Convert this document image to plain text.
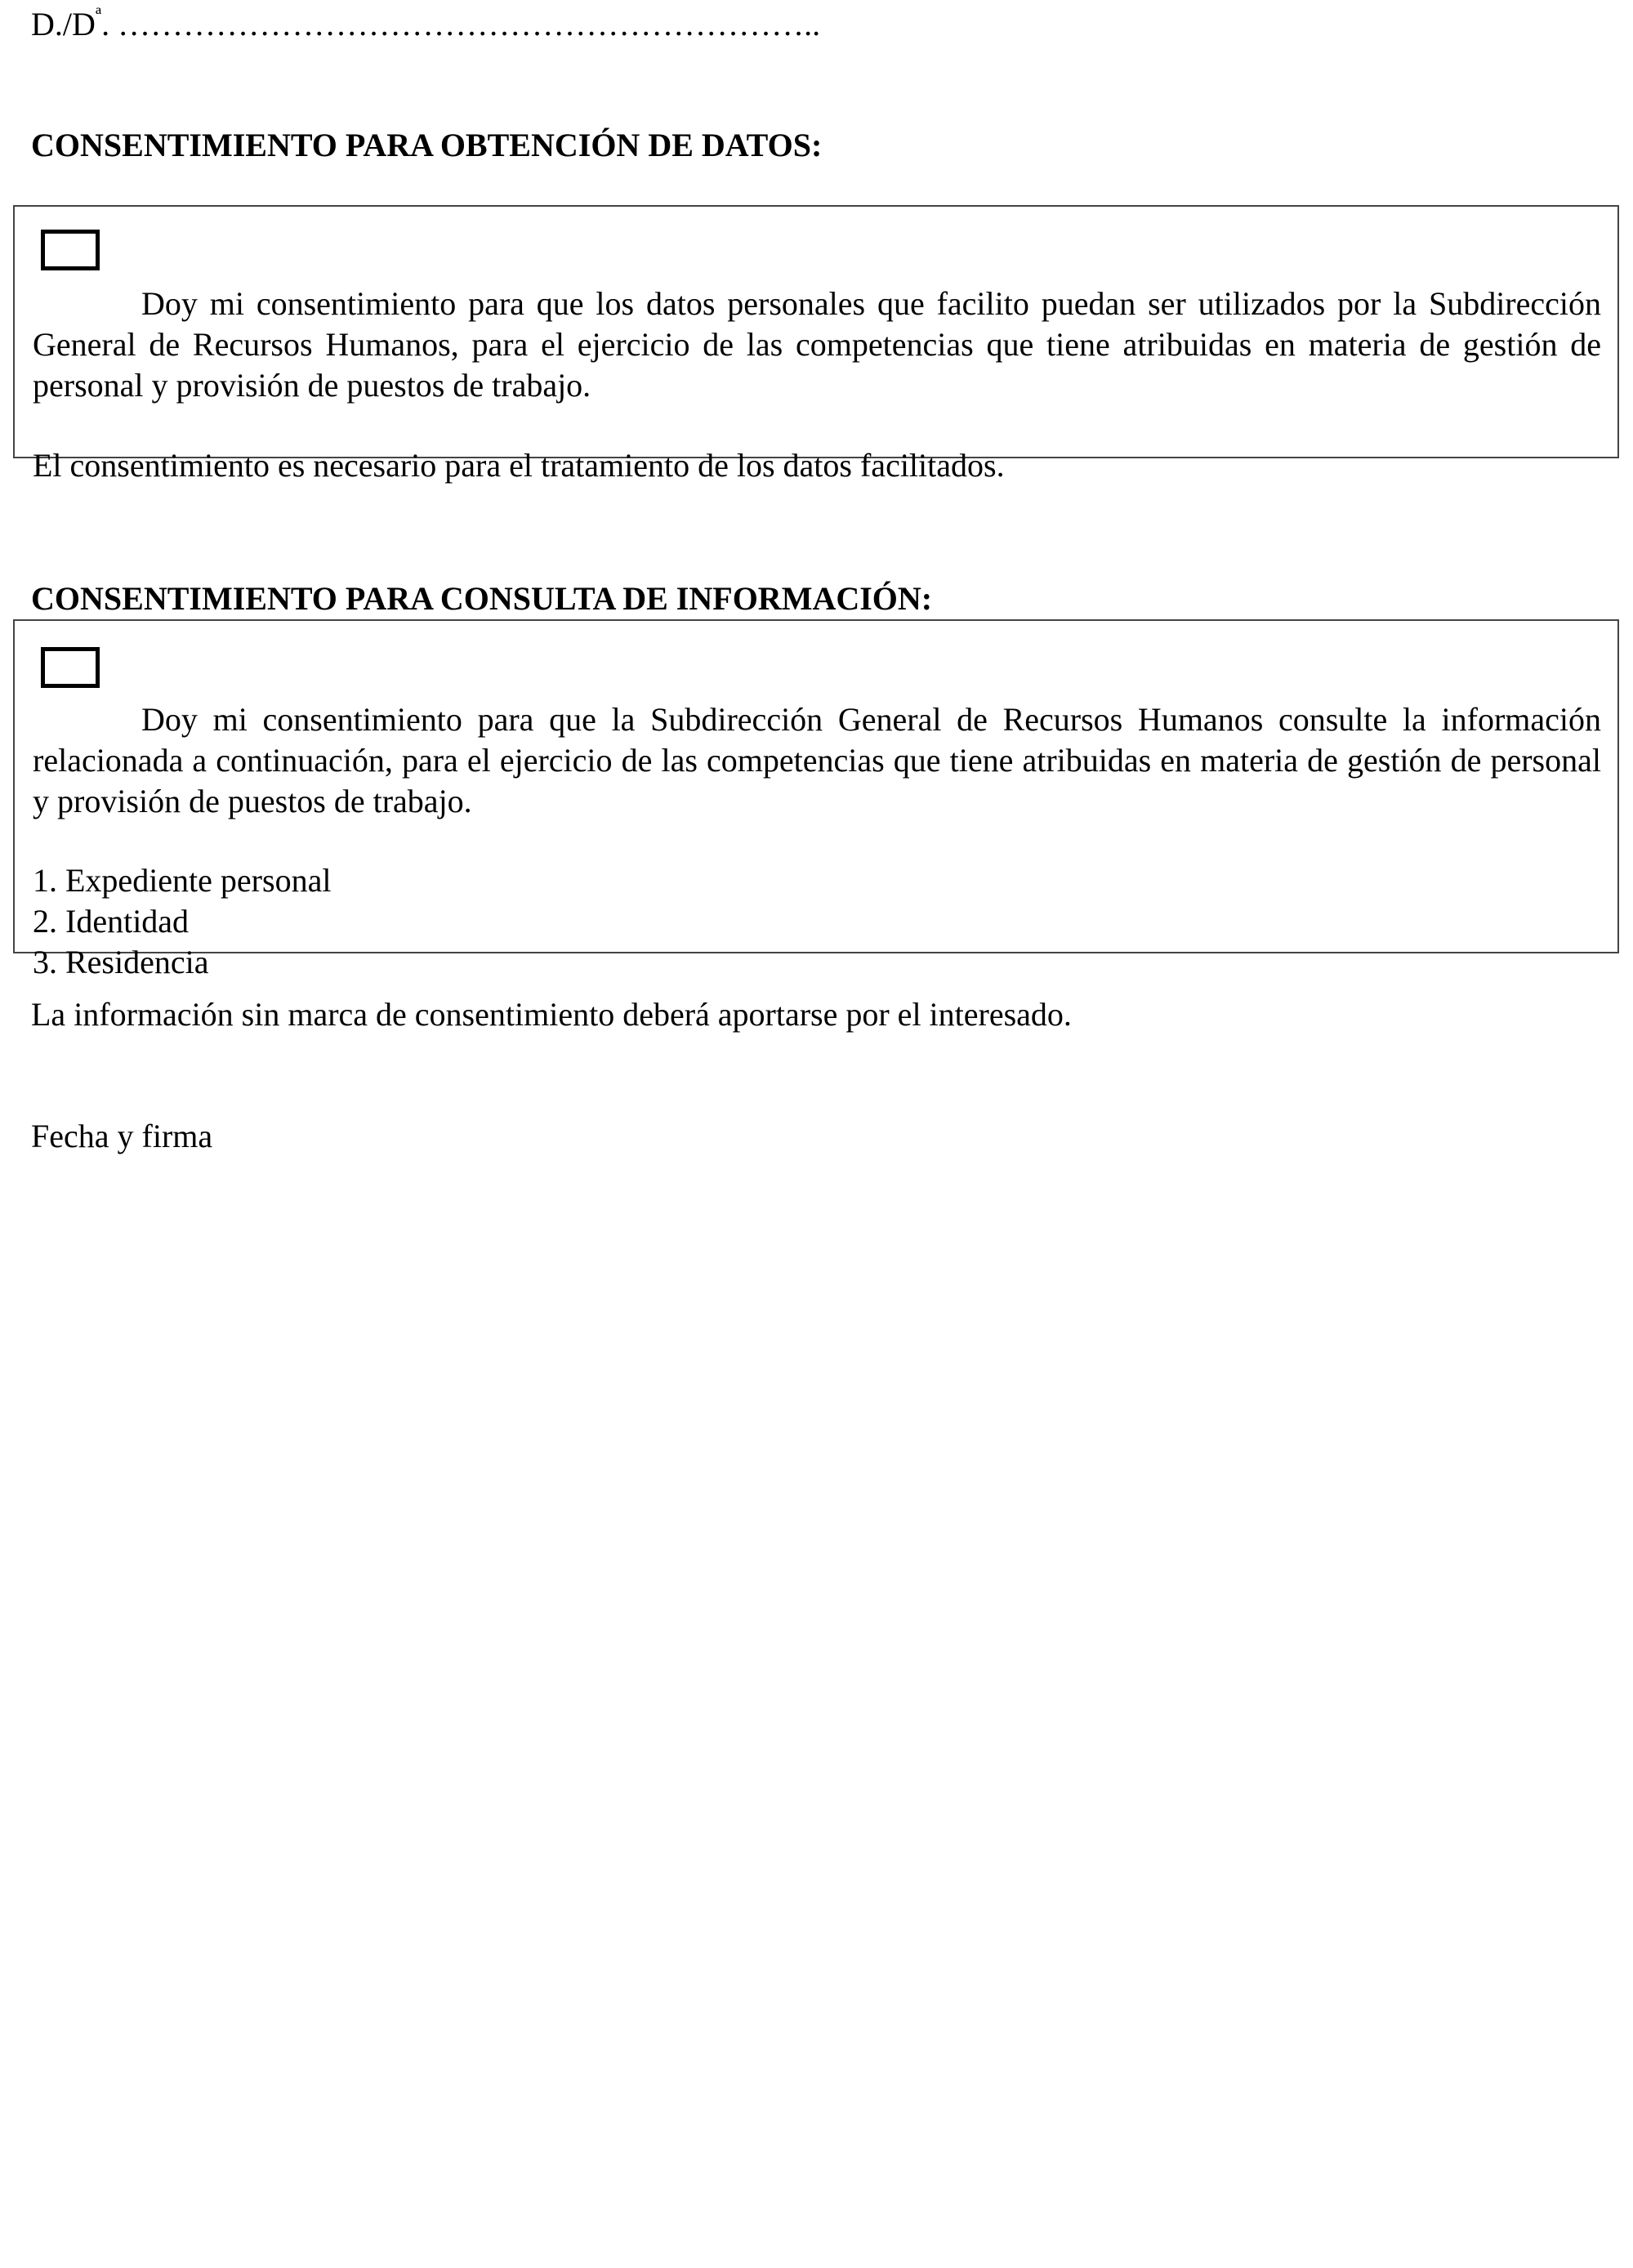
$D./D^ª$. ………………………………………………………..

CONSENTIMIENTO PARA OBTENCIÓN DE DATOS:

Doy mi consentimiento para que los datos personales que facilito puedan ser utilizados por la Subdirección General de Recursos Humanos, para el ejercicio de las competencias que tiene atribuidas en materia de gestión de personal y provisión de puestos de trabajo.

El consentimiento es necesario para el tratamiento de los datos facilitados.

CONSENTIMIENTO PARA CONSULTA DE INFORMACIÓN:

Doy mi consentimiento para que la Subdirección General de Recursos Humanos consulte la información relacionada a continuación, para el ejercicio de las competencias que tiene atribuidas en materia de gestión de personal y provisión de puestos de trabajo.

1. Expediente personal

2. Identidad

3. Residencia

La información sin marca de consentimiento deberá aportarse por el interesado.

Fecha y firma
